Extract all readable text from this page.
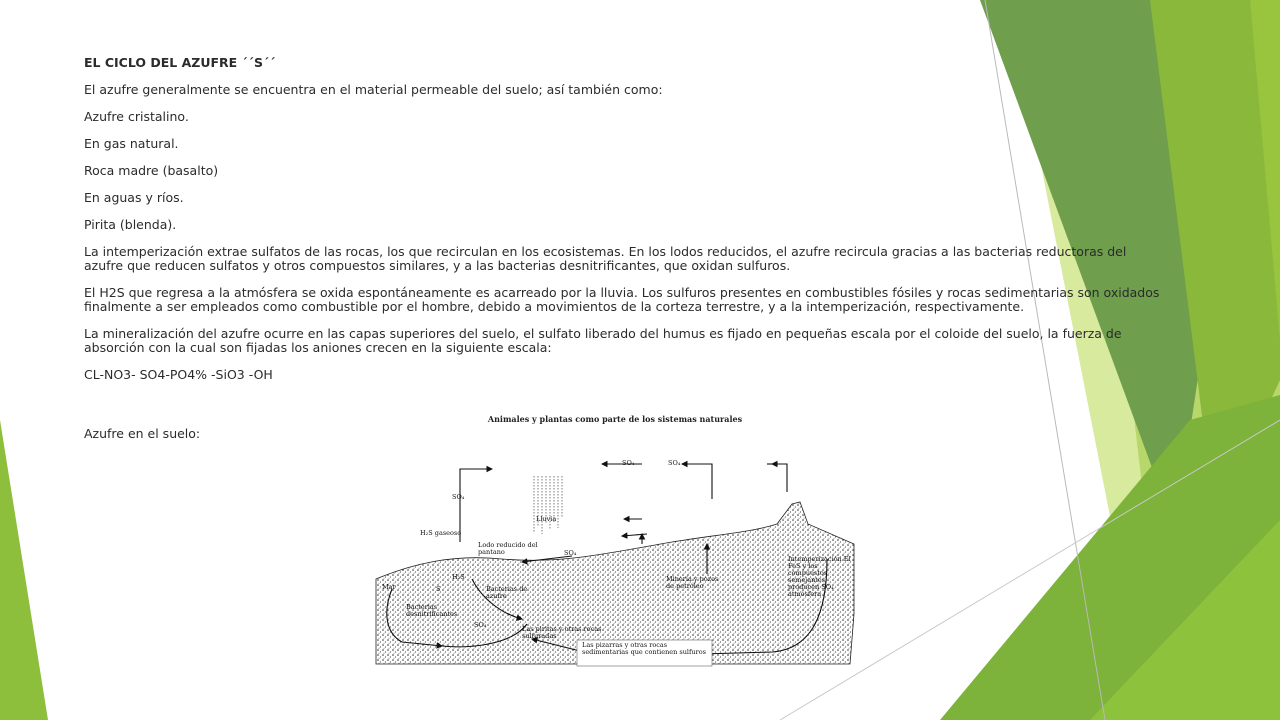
EL CICLO DEL AZUFRE ´´S´´

El azufre generalmente se encuentra en el material permeable del suelo; así también como:

Azufre cristalino.

En gas natural.

Roca madre (basalto)

En aguas y ríos.

Pirita (blenda).

La intemperización extrae sulfatos de las rocas, los que recirculan en los ecosistemas. En los lodos reducidos, el azufre recircula gracias a las bacterias reductoras del azufre que reducen sulfatos y otros compuestos similares, y a las bacterias desnitrificantes, que oxidan sulfuros.

El H2S que regresa a la atmósfera se oxida espontáneamente es acarreado por la lluvia. Los sulfuros presentes en combustibles fósiles y rocas sedimentarias son oxidados finalmente a ser empleados como combustible por el hombre, debido a movimientos de la corteza terrestre, y a la intemperización, respectivamente.

La mineralización del azufre ocurre en las capas superiores del suelo, el sulfato liberado del humus es fijado en pequeñas escala por el coloide del suelo, la fuerza de absorción con la cual son fijadas los aniones crecen en la siguiente escala:

CL-NO3- SO4-PO4% -SiO3 -OH

Azufre en el suelo:
Animales y plantas como parte de los sistemas naturales
SO₄	SO₄
SO₄
Lluvia
H₂S gaseoso
Lodo reducido del pantano	SO₄
Mar
H₂S
S
Bacterias desnitrificantes
SO₄
Bacterias de azufre
Minería y pozos de petróleo
Intemperización El FeS y los compuestos semejantes producen SO₄ atmósfera
Las piritas y otras rocas sulfuradas
Las pizarras y otras rocas sedimentarias que contienen sulfuros
